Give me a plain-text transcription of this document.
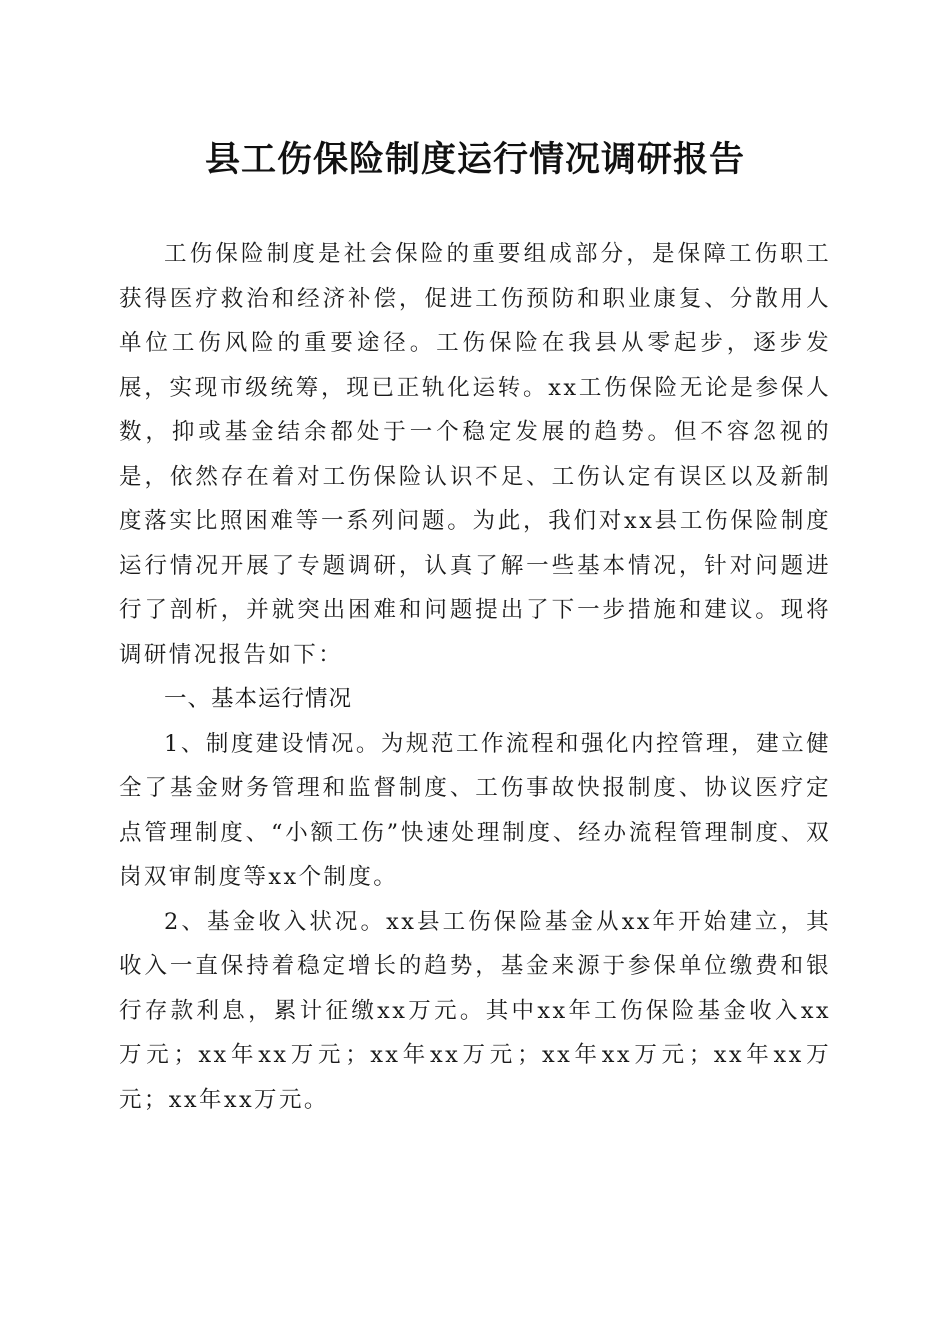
县工伤保险制度运行情况调研报告

工伤保险制度是社会保险的重要组成部分，是保障工伤职工获得医疗救治和经济补偿，促进工伤预防和职业康复、分散用人单位工伤风险的重要途径。工伤保险在我县从零起步，逐步发展，实现市级统筹，现已正轨化运转。xx工伤保险无论是参保人数，抑或基金结余都处于一个稳定发展的趋势。但不容忽视的是，依然存在着对工伤保险认识不足、工伤认定有误区以及新制度落实比照困难等一系列问题。为此，我们对xx县工伤保险制度运行情况开展了专题调研，认真了解一些基本情况，针对问题进行了剖析，并就突出困难和问题提出了下一步措施和建议。现将调研情况报告如下：

一、基本运行情况

1、制度建设情况。为规范工作流程和强化内控管理，建立健全了基金财务管理和监督制度、工伤事故快报制度、协议医疗定点管理制度、“小额工伤”快速处理制度、经办流程管理制度、双岗双审制度等xx个制度。

2、基金收入状况。xx县工伤保险基金从xx年开始建立，其收入一直保持着稳定增长的趋势，基金来源于参保单位缴费和银行存款利息，累计征缴xx万元。其中xx年工伤保险基金收入xx万元；xx年xx万元；xx年xx万元；xx年xx万元；xx年xx万元；xx年xx万元。
